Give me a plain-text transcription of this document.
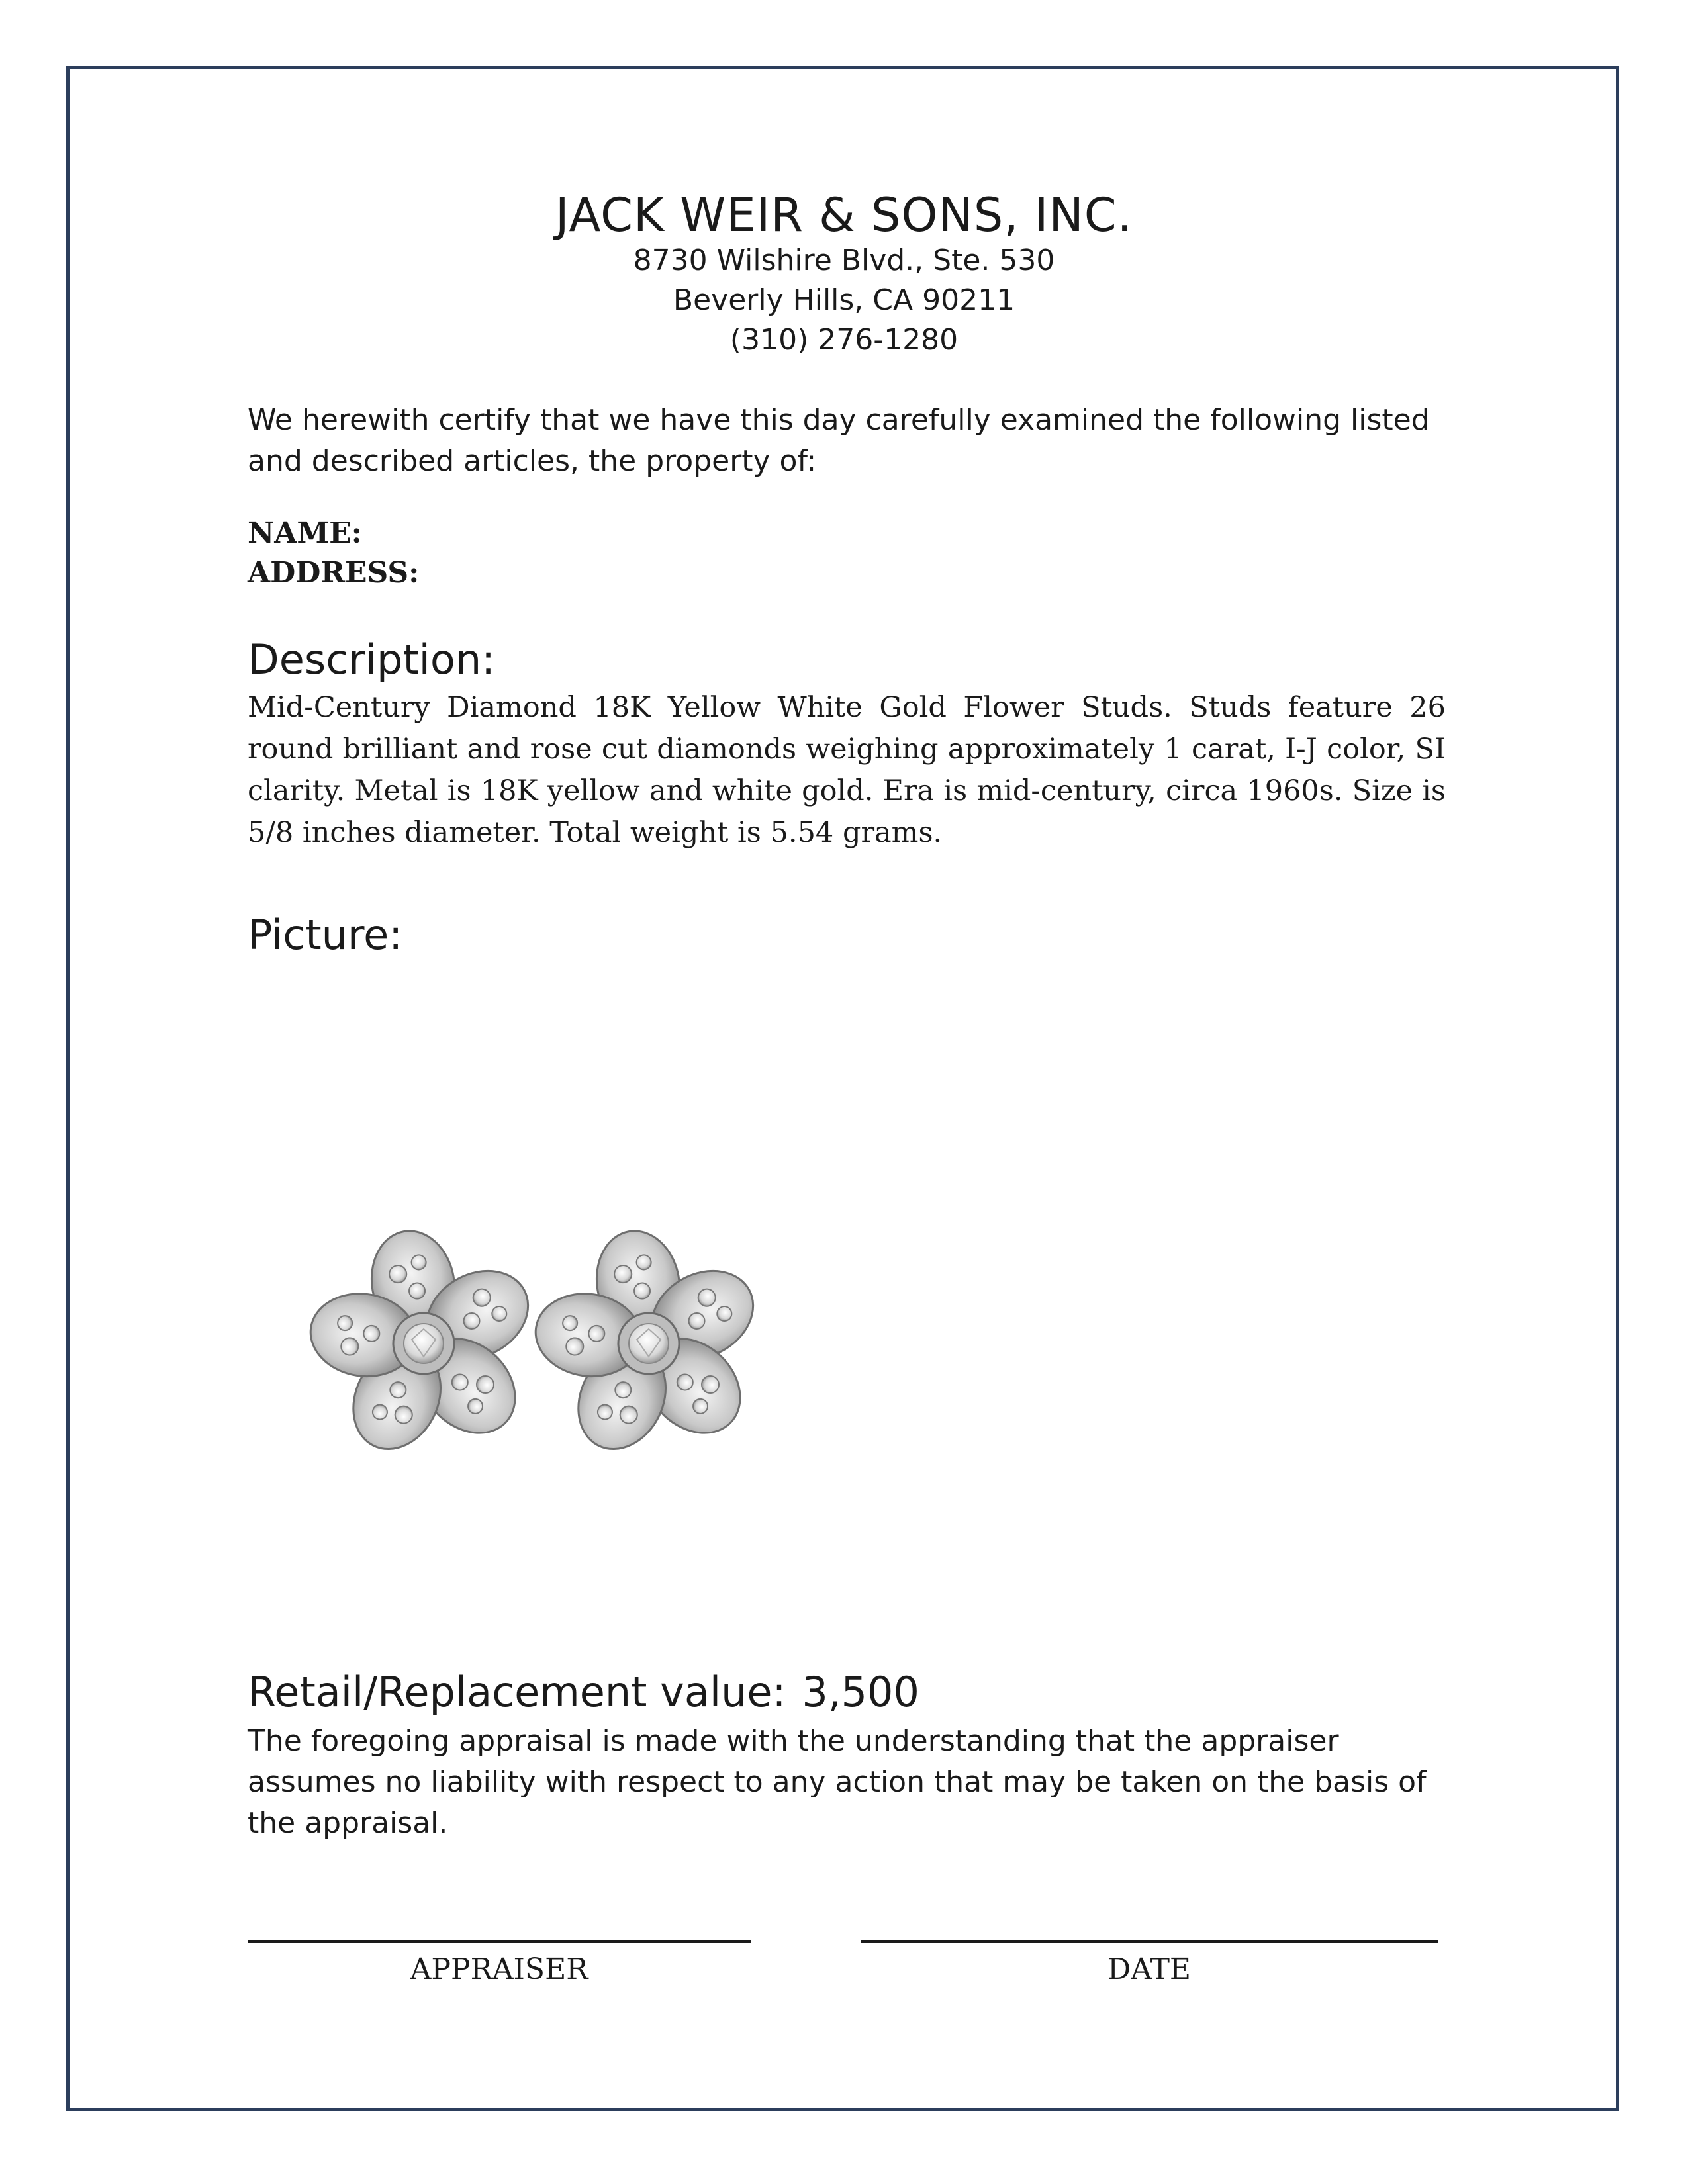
JACK WEIR & SONS, INC.
8730 Wilshire Blvd., Ste. 530
Beverly Hills, CA 90211
(310) 276-1280
We herewith certify that we have this day carefully examined the following listed and described articles, the property of:
NAME:
ADDRESS:
Description:
Mid-Century Diamond 18K Yellow White Gold Flower Studs. Studs feature 26 round brilliant and rose cut diamonds weighing approximately 1 carat, I-J color, SI clarity. Metal is 18K yellow and white gold. Era is mid-century, circa 1960s. Size is 5/8 inches diameter. Total weight is 5.54 grams.
Picture:
Retail/Replacement value: 3,500
The foregoing appraisal is made with the understanding that the appraiser assumes no liability with respect to any action that may be taken on the basis of the appraisal.
APPRAISER	DATE
